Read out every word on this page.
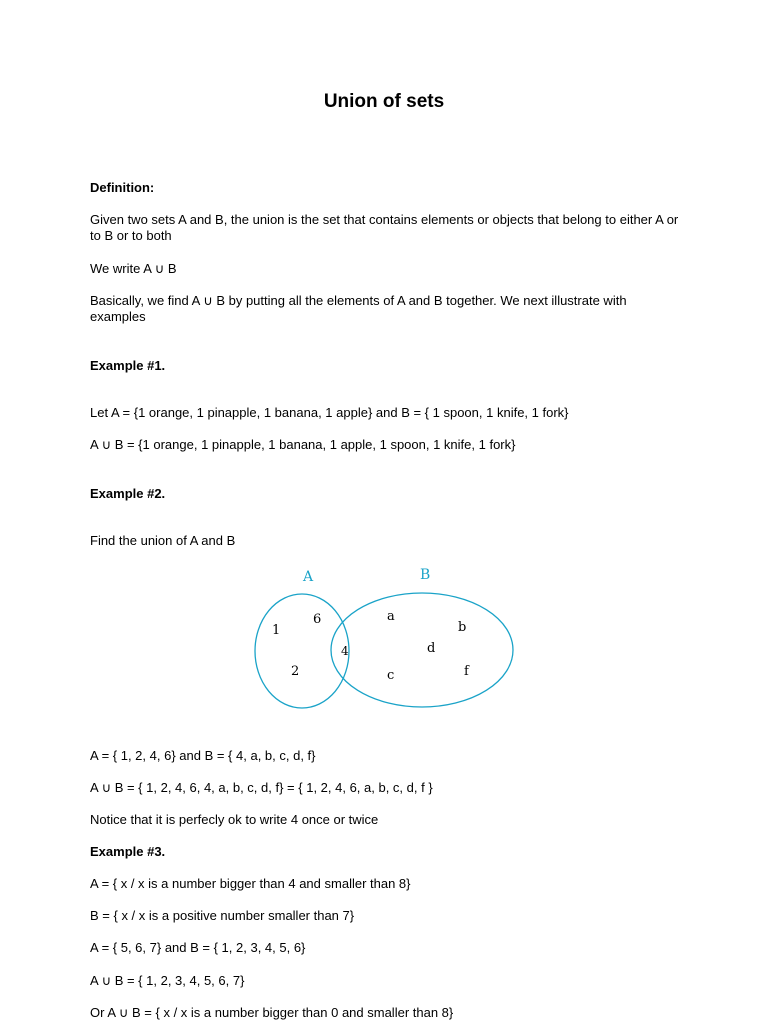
Union of sets
Definition:
Given two sets A and B, the union is the set that contains elements or objects that belong to either A or to B or to both
We write A ∪ B
Basically, we find A ∪ B by putting all the elements of A and B together. We next illustrate with examples
Example #1.
Let A = {1 orange, 1 pinapple, 1 banana, 1 apple} and B = { 1 spoon, 1 knife, 1 fork}
A ∪ B = {1 orange, 1 pinapple, 1 banana, 1 apple, 1 spoon, 1 knife, 1 fork}
Example #2.
Find the union of A and B
A	B
1
6
2
4
a
b
d
c	f
A = { 1, 2, 4, 6} and B = { 4, a, b, c, d, f}
A ∪ B = { 1, 2, 4, 6, 4, a, b, c, d, f} = { 1, 2, 4, 6, a, b, c, d, f }
Notice that it is perfecly ok to write 4 once or twice
Example #3.
A = { x / x is a number bigger than 4 and smaller than 8}
B = { x / x is a positive number smaller than 7}
A = { 5, 6, 7} and B = { 1, 2, 3, 4, 5, 6}
A ∪ B = { 1, 2, 3, 4, 5, 6, 7}
Or A ∪ B = { x / x is a number bigger than 0 and smaller than 8}
